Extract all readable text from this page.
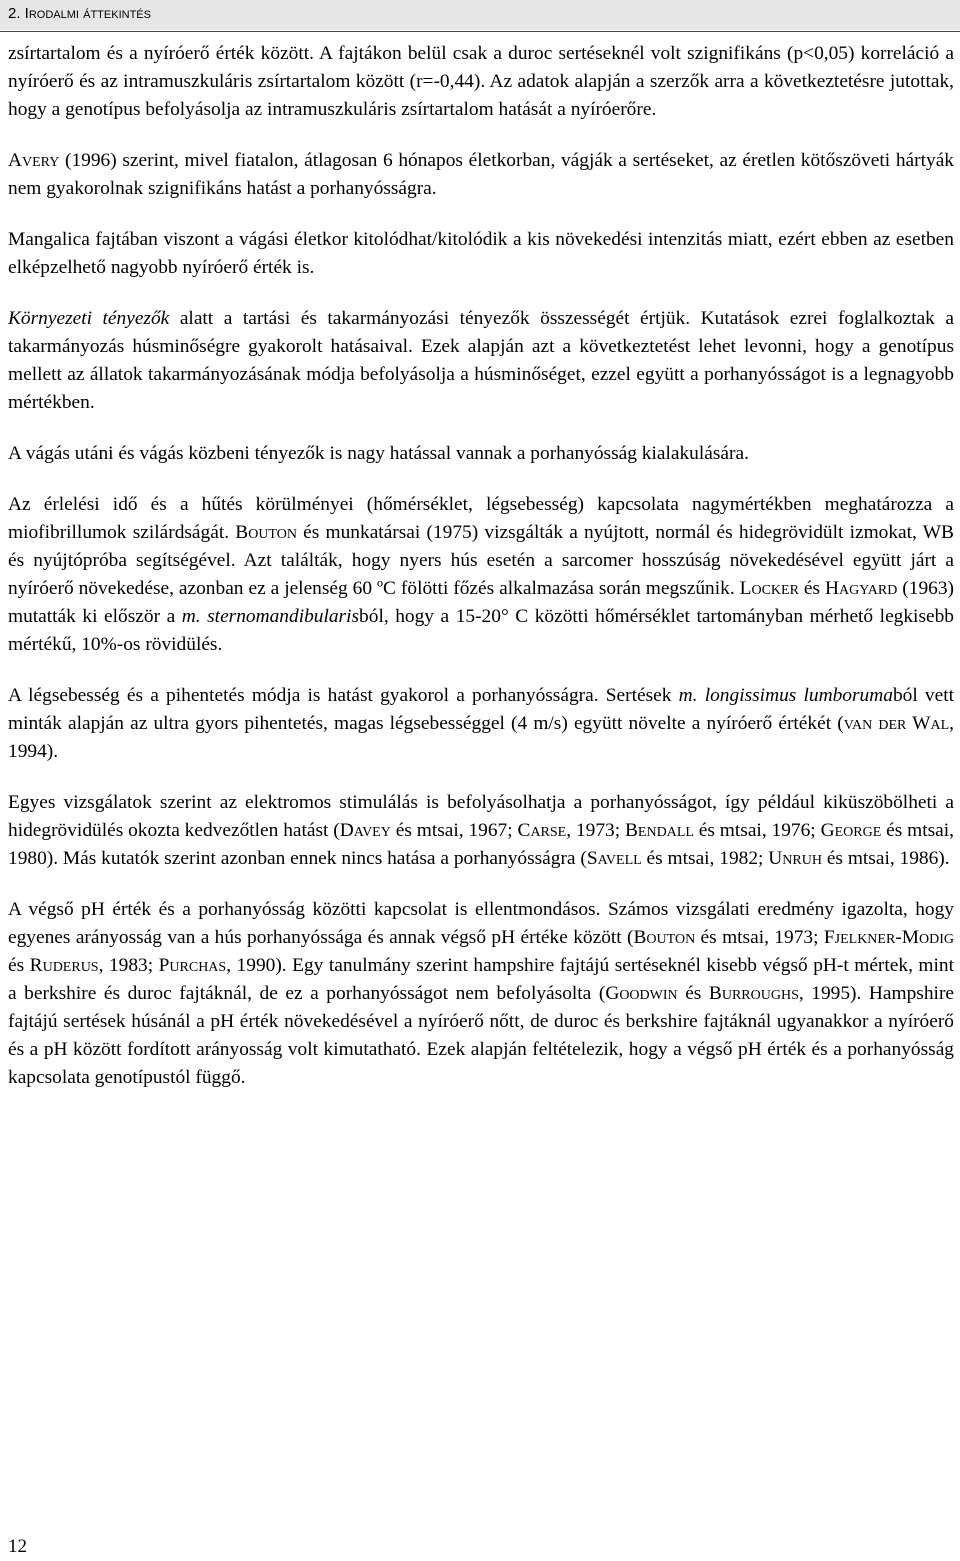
2. Irodalmi áttekintés

zsírtartalom és a nyíróerő érték között. A fajtákon belül csak a duroc sertéseknél volt szignifikáns (p<0,05) korreláció a nyíróerő és az intramuszkuláris zsírtartalom között (r=-0,44). Az adatok alapján a szerzők arra a következtetésre jutottak, hogy a genotípus befolyásolja az intramuszkuláris zsírtartalom hatását a nyíróerőre.

Avery (1996) szerint, mivel fiatalon, átlagosan 6 hónapos életkorban, vágják a sertéseket, az éretlen kötőszöveti hártyák nem gyakorolnak szignifikáns hatást a porhanyósságra.

Mangalica fajtában viszont a vágási életkor kitolódhat/kitolódik a kis növekedési intenzitás miatt, ezért ebben az esetben elképzelhető nagyobb nyíróerő érték is.

Környezeti tényezők alatt a tartási és takarmányozási tényezők összességét értjük. Kutatások ezrei foglalkoztak a takarmányozás húsminőségre gyakorolt hatásaival. Ezek alapján azt a következtetést lehet levonni, hogy a genotípus mellett az állatok takarmányozásának módja befolyásolja a húsminőséget, ezzel együtt a porhanyósságot is a legnagyobb mértékben.

A vágás utáni és vágás közbeni tényezők is nagy hatással vannak a porhanyósság kialakulására.

Az érlelési idő és a hűtés körülményei (hőmérséklet, légsebesség) kapcsolata nagymértékben meghatározza a miofibrillumok szilárdságát. Bouton és munkatársai (1975) vizsgálták a nyújtott, normál és hidegrövidült izmokat, WB és nyújtópróba segítségével. Azt találták, hogy nyers hús esetén a sarcomer hosszúság növekedésével együtt járt a nyíróerő növekedése, azonban ez a jelenség 60 ºC fölötti főzés alkalmazása során megszűnik. Locker és Hagyard (1963) mutatták ki először a m. sternomandibularisból, hogy a 15-20° C közötti hőmérséklet tartományban mérhető legkisebb mértékű, 10%-os rövidülés.

A légsebesség és a pihentetés módja is hatást gyakorol a porhanyósságra. Sertések m. longissimus lumborumaból vett minták alapján az ultra gyors pihentetés, magas légsebességgel (4 m/s) együtt növelte a nyíróerő értékét (van der Wal, 1994).

Egyes vizsgálatok szerint az elektromos stimulálás is befolyásolhatja a porhanyósságot, így például kiküszöbölheti a hidegrövidülés okozta kedvezőtlen hatást (Davey és mtsai, 1967; Carse, 1973; Bendall és mtsai, 1976; George és mtsai, 1980). Más kutatók szerint azonban ennek nincs hatása a porhanyósságra (Savell és mtsai, 1982; Unruh és mtsai, 1986).

A végső pH érték és a porhanyósság közötti kapcsolat is ellentmondásos. Számos vizsgálati eredmény igazolta, hogy egyenes arányosság van a hús porhanyóssága és annak végső pH értéke között (Bouton és mtsai, 1973; Fjelkner-Modig és Ruderus, 1983; Purchas, 1990). Egy tanulmány szerint hampshire fajtájú sertéseknél kisebb végső pH-t mértek, mint a berkshire és duroc fajtáknál, de ez a porhanyósságot nem befolyásolta (Goodwin és Burroughs, 1995). Hampshire fajtájú sertések húsánál a pH érték növekedésével a nyíróerő nőtt, de duroc és berkshire fajtáknál ugyanakkor a nyíróerő és a pH között fordított arányosság volt kimutatható. Ezek alapján feltételezik, hogy a végső pH érték és a porhanyósság kapcsolata genotípustól függő.

12
